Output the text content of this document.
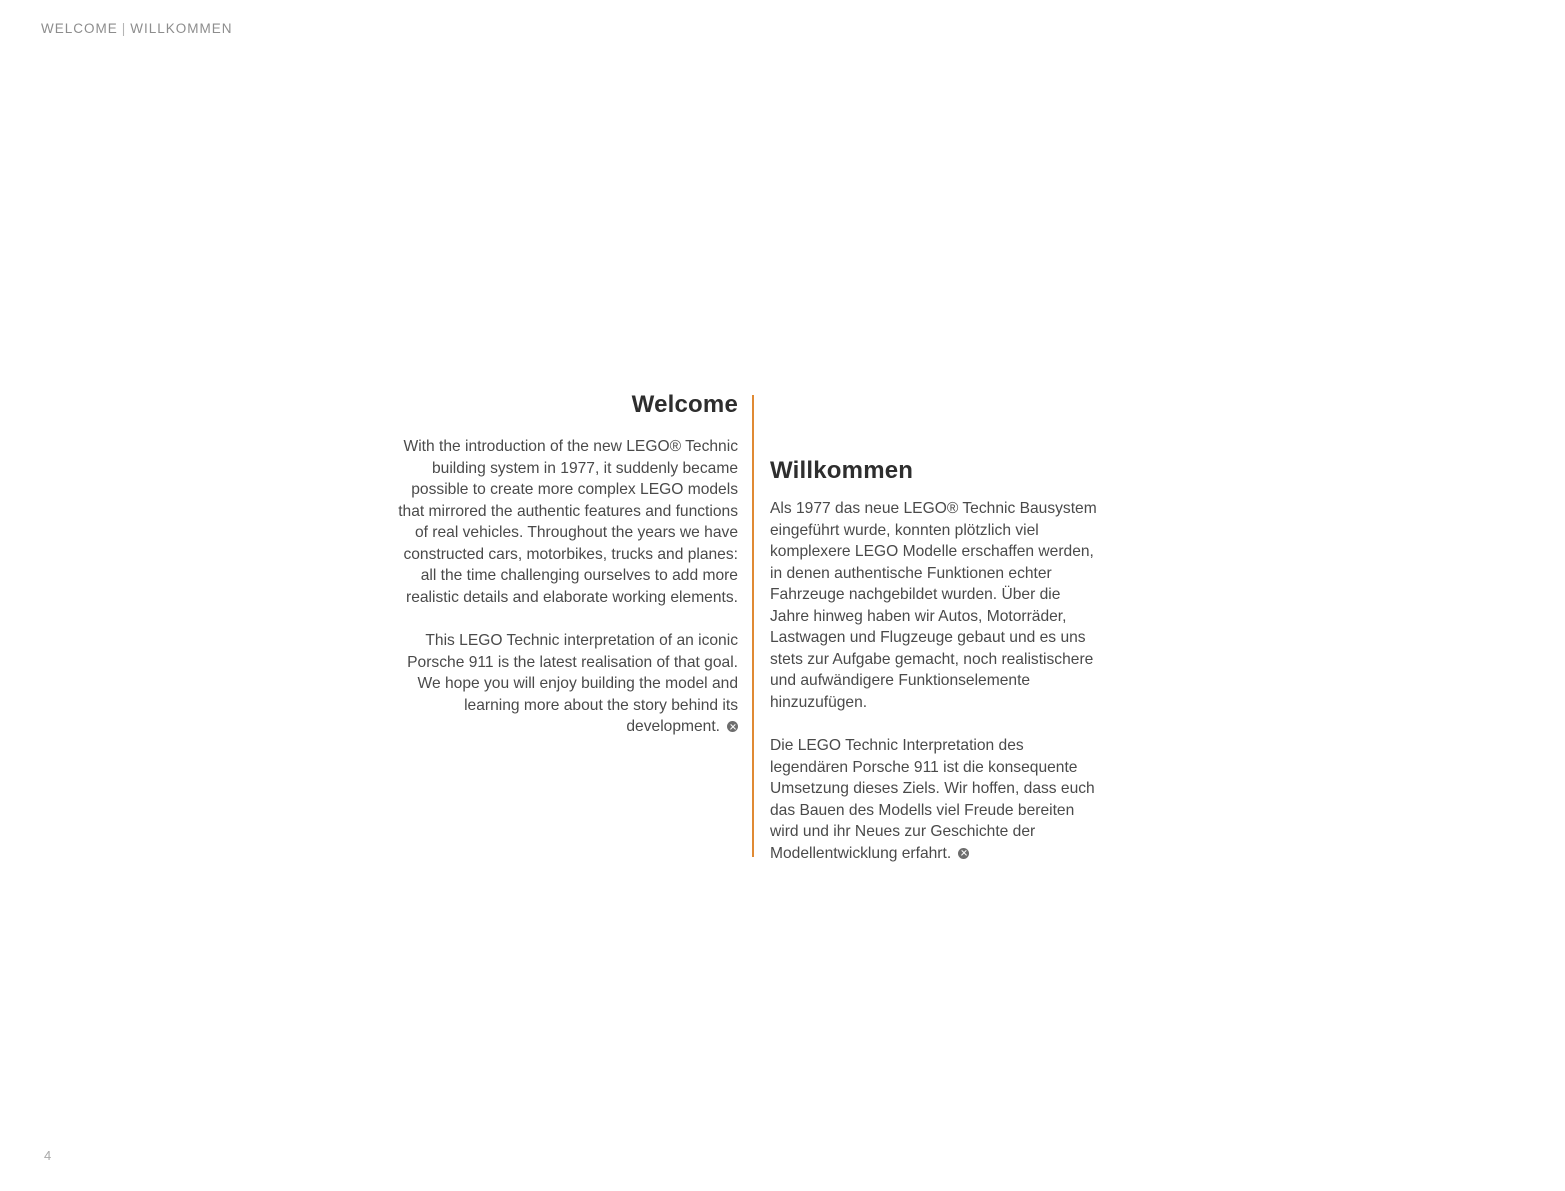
WELCOME | WILLKOMMEN
Welcome

With the introduction of the new LEGO® Technic building system in 1977, it suddenly became possible to create more complex LEGO models that mirrored the authentic features and functions of real vehicles. Throughout the years we have constructed cars, motorbikes, trucks and planes: all the time challenging ourselves to add more realistic details and elaborate working elements.

This LEGO Technic interpretation of an iconic Porsche 911 is the latest realisation of that goal. We hope you will enjoy building the model and learning more about the story behind its development.

Willkommen

Als 1977 das neue LEGO® Technic Bausystem eingeführt wurde, konnten plötzlich viel komplexere LEGO Modelle erschaffen werden, in denen authentische Funktionen echter Fahrzeuge nachgebildet wurden. Über die Jahre hinweg haben wir Autos, Motorräder, Lastwagen und Flugzeuge gebaut und es uns stets zur Aufgabe gemacht, noch realistischere und aufwändigere Funktionselemente hinzuzufügen.

Die LEGO Technic Interpretation des legendären Porsche 911 ist die konsequente Umsetzung dieses Ziels. Wir hoffen, dass euch das Bauen des Modells viel Freude bereiten wird und ihr Neues zur Geschichte der Modellentwicklung erfahrt.

4
